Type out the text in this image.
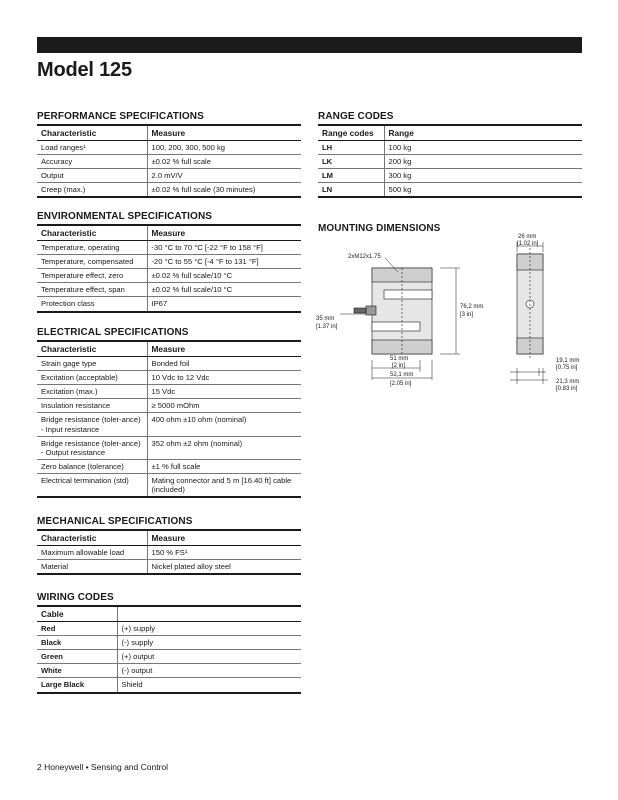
Model 125
PERFORMANCE SPECIFICATIONS
Characteristic	Measure
Load ranges¹	100, 200, 300, 500 kg
Accuracy	±0.02 % full scale
Output	2.0 mV/V
Creep (max.)	±0.02 % full scale (30 minutes)
ENVIRONMENTAL SPECIFICATIONS
Characteristic	Measure
Temperature, operating	-30 °C to 70 °C [-22 °F to 158 °F]
Temperature, compensated	-20 °C to 55 °C [-4 °F to 131 °F]
Temperature effect, zero	±0.02 % full scale/10 °C
Temperature effect, span	±0.02 % full scale/10 °C
Protection class	IP67
ELECTRICAL SPECIFICATIONS
Characteristic	Measure
Strain gage type	Bonded foil
Excitation (acceptable)	10 Vdc to 12 Vdc
Excitation (max.)	15 Vdc
Insulation resistance	≥ 5000 mOhm
Bridge resistance (toler-ance) - Input resistance	400 ohm ±10 ohm (nominal)
Bridge resistance (toler-ance) - Output resistance	352 ohm ±2 ohm (nominal)
Zero balance (tolerance)	±1 % full scale
Electrical termination (std)	Mating connector and 5 m [16.40 ft] cable (included)
MECHANICAL SPECIFICATIONS
Characteristic	Measure
Maximum allowable load	150 % FS¹
Material	Nickel plated alloy steel
WIRING CODES
Cable	
Red	(+) supply
Black	(-) supply
Green	(+) output
White	(-) output
Large Black	Shield
RANGE CODES
Range codes	Range
LH	100 kg
LK	200 kg
LM	300 kg
LN	500 kg
MOUNTING DIMENSIONS
2xM12x1.75
26 mm
[1.02 in]
76,2 mm
[3 in]
35 mm
[1.37 in]
51 mm
[2 in]
52,1 mm
[2.05 in]
19,1 mm
[0.75 in]
21,3 mm
[0.83 in]
2 Honeywell • Sensing and Control
